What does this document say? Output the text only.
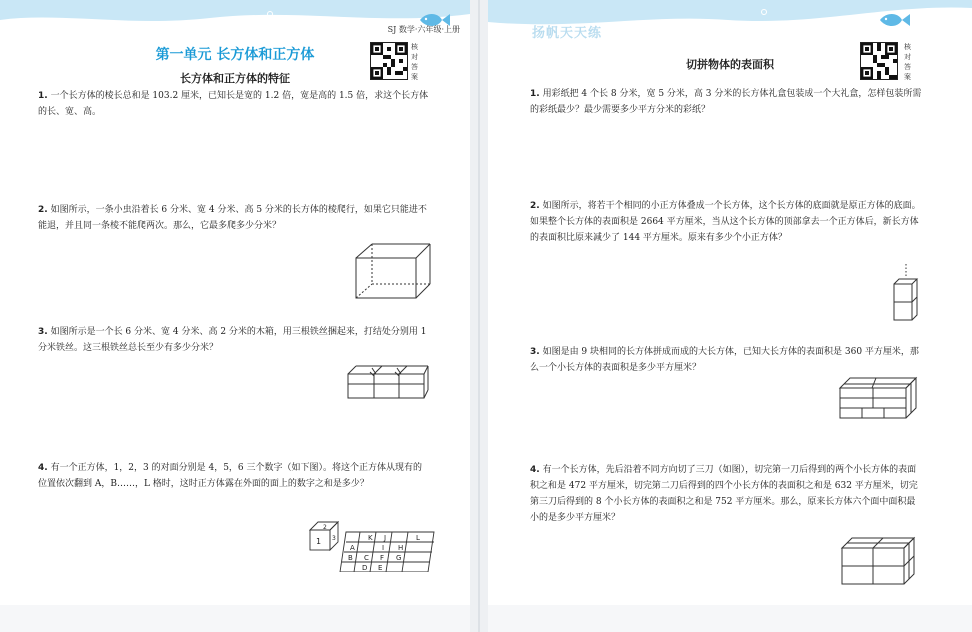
SJ 数学·六年级·上册
第一单元 长方体和正方体
长方体和正方体的特征
核对答案
1. 一个长方体的棱长总和是 103.2 厘米，已知长是宽的 1.2 倍，宽是高的 1.5 倍，求这个长方体的长、宽、高。
2. 如图所示，一条小虫沿着长 6 分米、宽 4 分米、高 5 分米的长方体的棱爬行，如果它只能进不能退，并且同一条棱不能爬两次。那么，它最多爬多少分米？
3. 如图所示是一个长 6 分米、宽 4 分米、高 2 分米的木箱，用三根铁丝捆起来，打结处分别用 1 分米铁丝。这三根铁丝总长至少有多少分米？
4. 有一个正方体，1，2，3 的对面分别是 4，5，6 三个数字（如下图）。将这个正方体从现有的位置依次翻到 A，B……，L 格时，这时正方体露在外面的面上的数字之和是多少？
1
2
3
A
B C
D E
F G
H
I
J
K	L
扬帆天天练
切拼物体的表面积
核对答案
1. 用彩纸把 4 个长 8 分米，宽 5 分米，高 3 分米的长方体礼盒包装成一个大礼盒，怎样包装所需的彩纸最少？最少需要多少平方分米的彩纸？
2. 如图所示，将若干个相同的小正方体叠成一个长方体，这个长方体的底面就是原正方体的底面。如果整个长方体的表面积是 2664 平方厘米，当从这个长方体的顶部拿去一个正方体后，新长方体的表面积比原来减少了 144 平方厘米。原来有多少个小正方体？
3. 如图是由 9 块相同的长方体拼成而成的大长方体，已知大长方体的表面积是 360 平方厘米，那么一个小长方体的表面积是多少平方厘米？
4. 有一个长方体，先后沿着不同方向切了三刀（如图），切完第一刀后得到的两个小长方体的表面积之和是 472 平方厘米，切完第二刀后得到的四个小长方体的表面积之和是 632 平方厘米，切完第三刀后得到的 8 个小长方体的表面积之和是 752 平方厘米。那么，原来长方体六个面中面积最小的是多少平方厘米？
